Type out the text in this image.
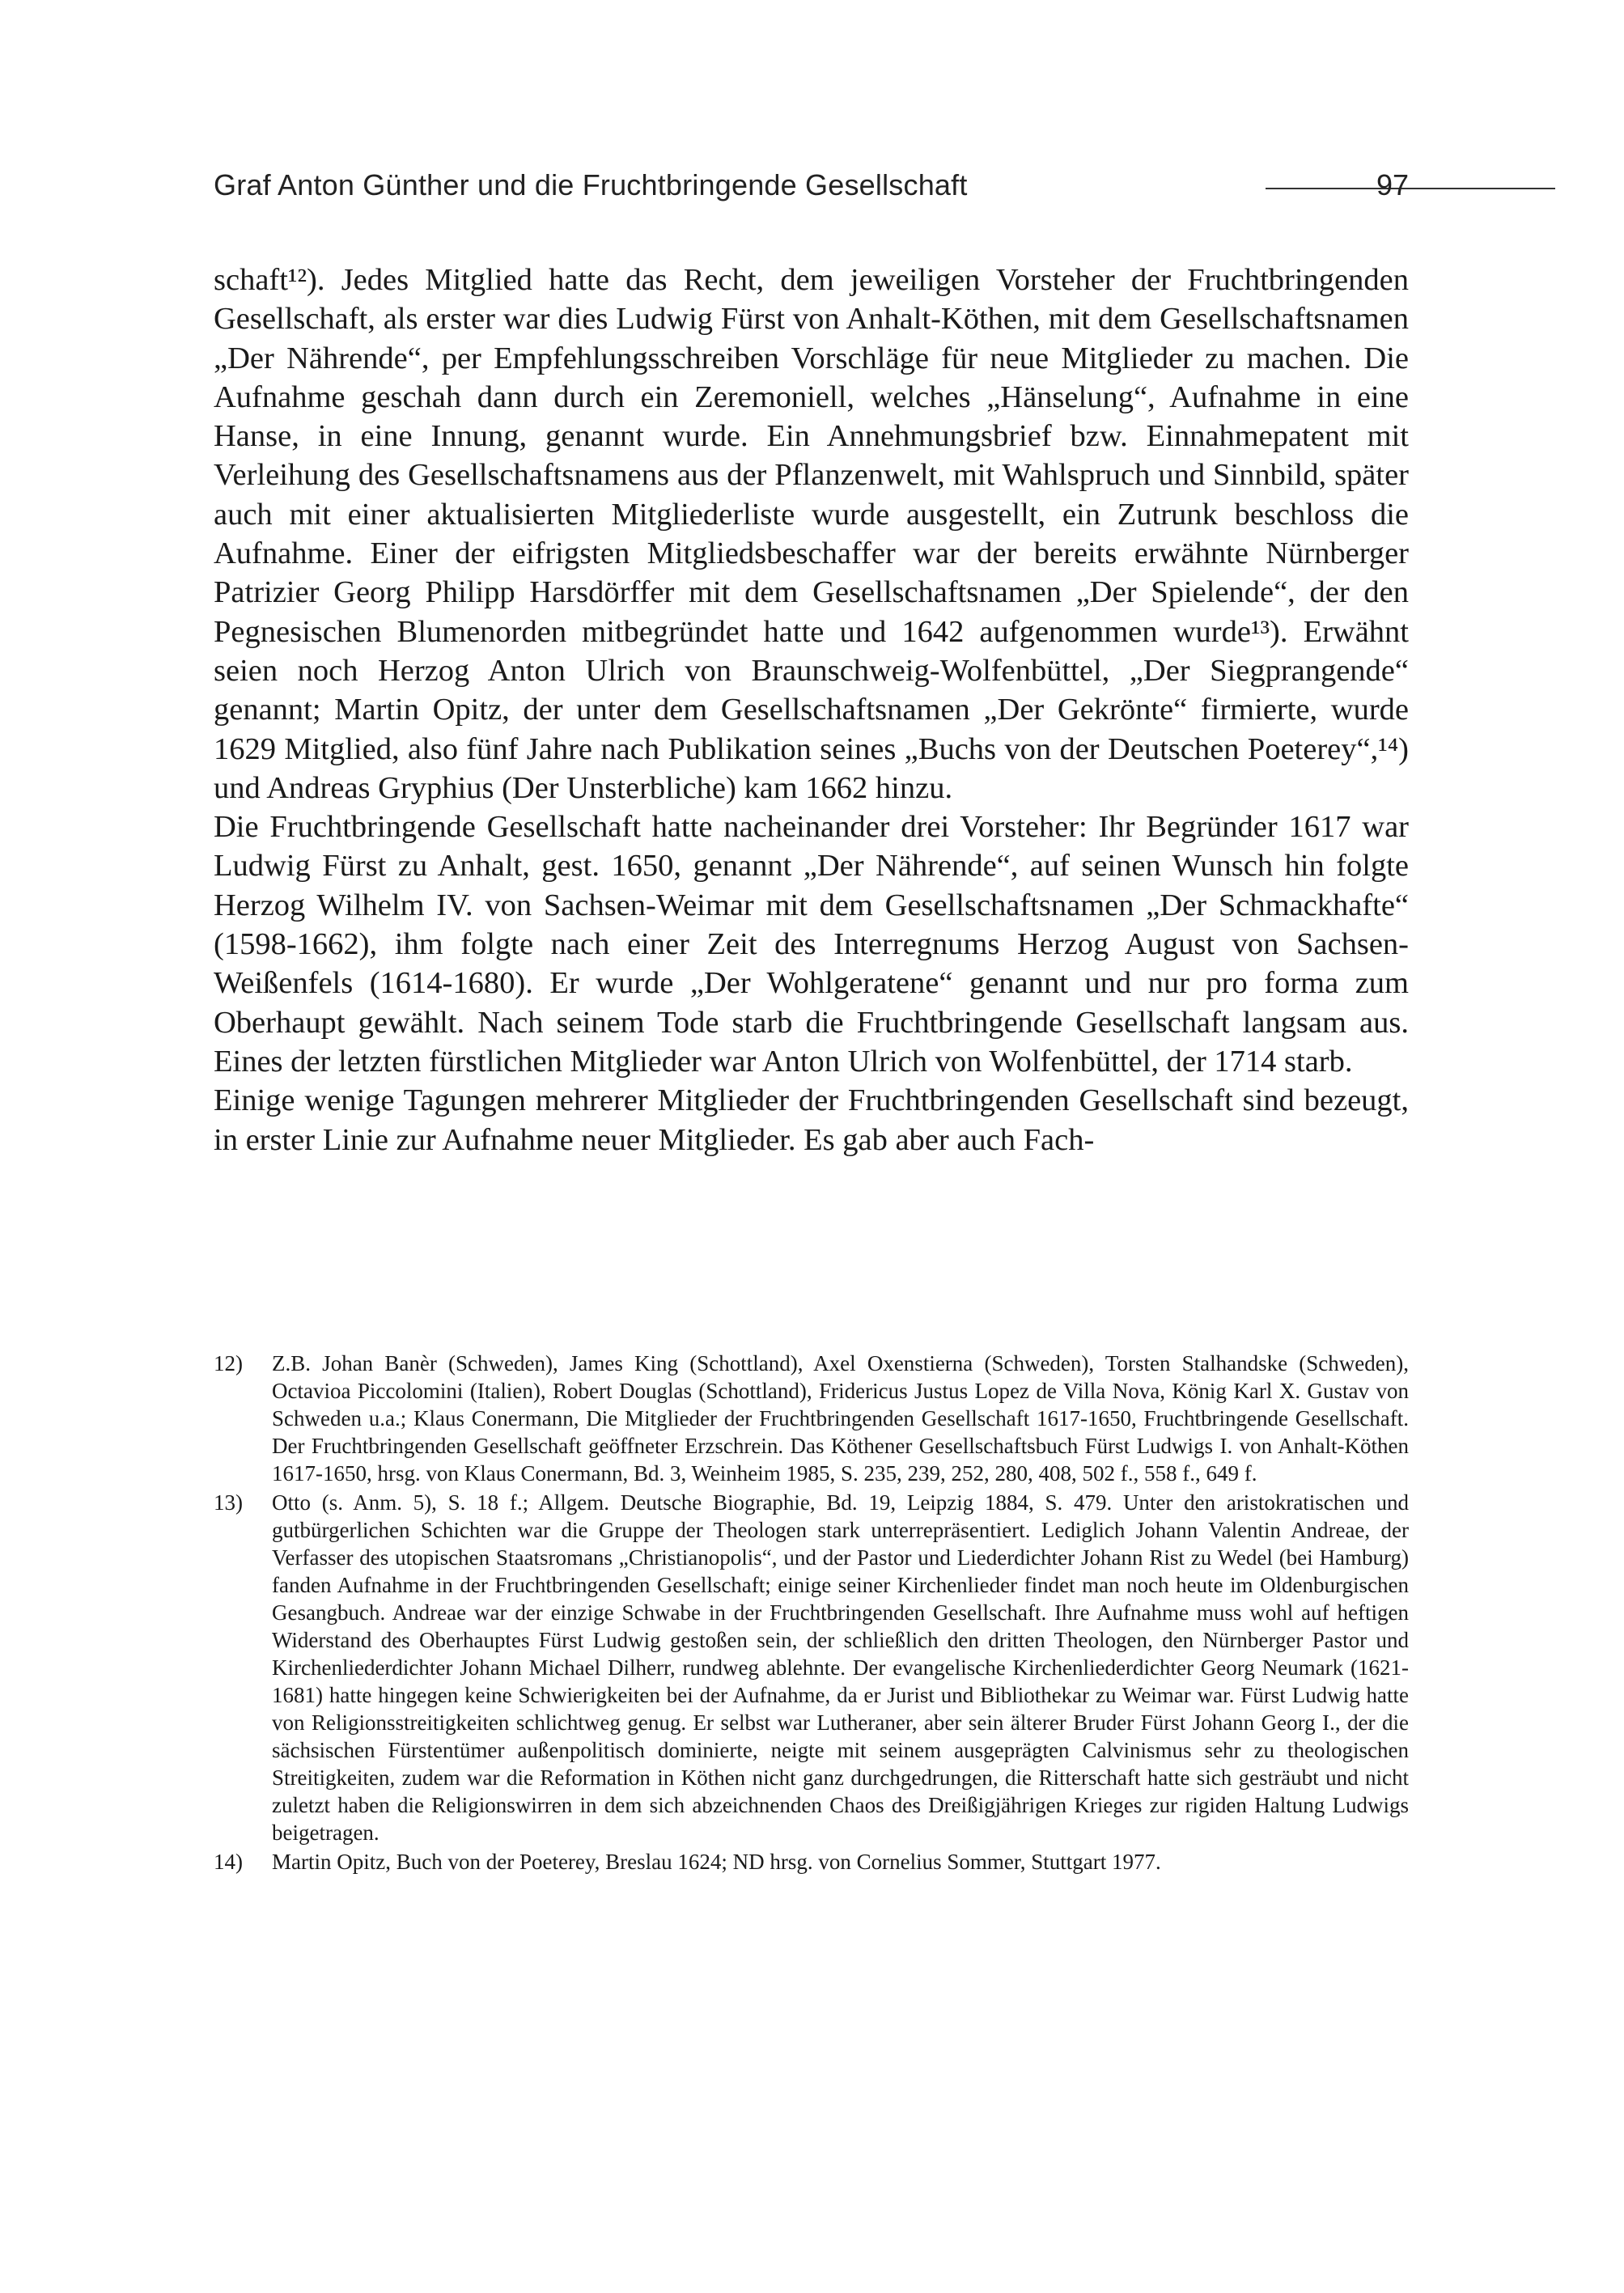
Graf Anton Günther und die Fruchtbringende Gesellschaft	97

schaft¹²). Jedes Mitglied hatte das Recht, dem jeweiligen Vorsteher der Fruchtbringenden Gesellschaft, als erster war dies Ludwig Fürst von Anhalt-Köthen, mit dem Gesellschaftsnamen „Der Nährende“, per Empfehlungsschreiben Vorschläge für neue Mitglieder zu machen. Die Aufnahme geschah dann durch ein Zeremoniell, welches „Hänselung“, Aufnahme in eine Hanse, in eine Innung, genannt wurde. Ein Annehmungsbrief bzw. Einnahmepatent mit Verleihung des Gesellschaftsnamens aus der Pflanzenwelt, mit Wahlspruch und Sinnbild, später auch mit einer aktualisierten Mitgliederliste wurde ausgestellt, ein Zutrunk beschloss die Aufnahme. Einer der eifrigsten Mitgliedsbeschaffer war der bereits erwähnte Nürnberger Patrizier Georg Philipp Harsdörffer mit dem Gesellschaftsnamen „Der Spielende“, der den Pegnesischen Blumenorden mitbegründet hatte und 1642 aufgenommen wurde¹³). Erwähnt seien noch Herzog Anton Ulrich von Braunschweig-Wolfenbüttel, „Der Siegprangende“ genannt; Martin Opitz, der unter dem Gesellschaftsnamen „Der Gekrönte“ firmierte, wurde 1629 Mitglied, also fünf Jahre nach Publikation seines „Buchs von der Deutschen Poeterey“,¹⁴) und Andreas Gryphius (Der Unsterbliche) kam 1662 hinzu.

Die Fruchtbringende Gesellschaft hatte nacheinander drei Vorsteher: Ihr Begründer 1617 war Ludwig Fürst zu Anhalt, gest. 1650, genannt „Der Nährende“, auf seinen Wunsch hin folgte Herzog Wilhelm IV. von Sachsen-Weimar mit dem Gesellschaftsnamen „Der Schmackhafte“ (1598-1662), ihm folgte nach einer Zeit des Interregnums Herzog August von Sachsen-Weißenfels (1614-1680). Er wurde „Der Wohlgeratene“ genannt und nur pro forma zum Oberhaupt gewählt. Nach seinem Tode starb die Fruchtbringende Gesellschaft langsam aus. Eines der letzten fürstlichen Mitglieder war Anton Ulrich von Wolfenbüttel, der 1714 starb.

Einige wenige Tagungen mehrerer Mitglieder der Fruchtbringenden Gesellschaft sind bezeugt, in erster Linie zur Aufnahme neuer Mitglieder. Es gab aber auch Fach-

12)	Z.B. Johan Banèr (Schweden), James King (Schottland), Axel Oxenstierna (Schweden), Torsten Stalhandske (Schweden), Octavioa Piccolomini (Italien), Robert Douglas (Schottland), Fridericus Justus Lopez de Villa Nova, König Karl X. Gustav von Schweden u.a.; Klaus Conermann, Die Mitglieder der Fruchtbringenden Gesellschaft 1617-1650, Fruchtbringende Gesellschaft. Der Fruchtbringenden Gesellschaft geöffneter Erzschrein. Das Köthener Gesellschaftsbuch Fürst Ludwigs I. von Anhalt-Köthen 1617-1650, hrsg. von Klaus Conermann, Bd. 3, Weinheim 1985, S. 235, 239, 252, 280, 408, 502 f., 558 f., 649 f.
13)	Otto (s. Anm. 5), S. 18 f.; Allgem. Deutsche Biographie, Bd. 19, Leipzig 1884, S. 479. Unter den aristokratischen und gutbürgerlichen Schichten war die Gruppe der Theologen stark unterrepräsentiert. Lediglich Johann Valentin Andreae, der Verfasser des utopischen Staatsromans „Christianopolis“, und der Pastor und Liederdichter Johann Rist zu Wedel (bei Hamburg) fanden Aufnahme in der Fruchtbringenden Gesellschaft; einige seiner Kirchenlieder findet man noch heute im Oldenburgischen Gesangbuch. Andreae war der einzige Schwabe in der Fruchtbringenden Gesellschaft. Ihre Aufnahme muss wohl auf heftigen Widerstand des Oberhauptes Fürst Ludwig gestoßen sein, der schließlich den dritten Theologen, den Nürnberger Pastor und Kirchenliederdichter Johann Michael Dilherr, rundweg ablehnte. Der evangelische Kirchenliederdichter Georg Neumark (1621-1681) hatte hingegen keine Schwierigkeiten bei der Aufnahme, da er Jurist und Bibliothekar zu Weimar war. Fürst Ludwig hatte von Religionsstreitigkeiten schlichtweg genug. Er selbst war Lutheraner, aber sein älterer Bruder Fürst Johann Georg I., der die sächsischen Fürstentümer außenpolitisch dominierte, neigte mit seinem ausgeprägten Calvinismus sehr zu theologischen Streitigkeiten, zudem war die Reformation in Köthen nicht ganz durchgedrungen, die Ritterschaft hatte sich gesträubt und nicht zuletzt haben die Religionswirren in dem sich abzeichnenden Chaos des Dreißigjährigen Krieges zur rigiden Haltung Ludwigs beigetragen.
14)	Martin Opitz, Buch von der Poeterey, Breslau 1624; ND hrsg. von Cornelius Sommer, Stuttgart 1977.
